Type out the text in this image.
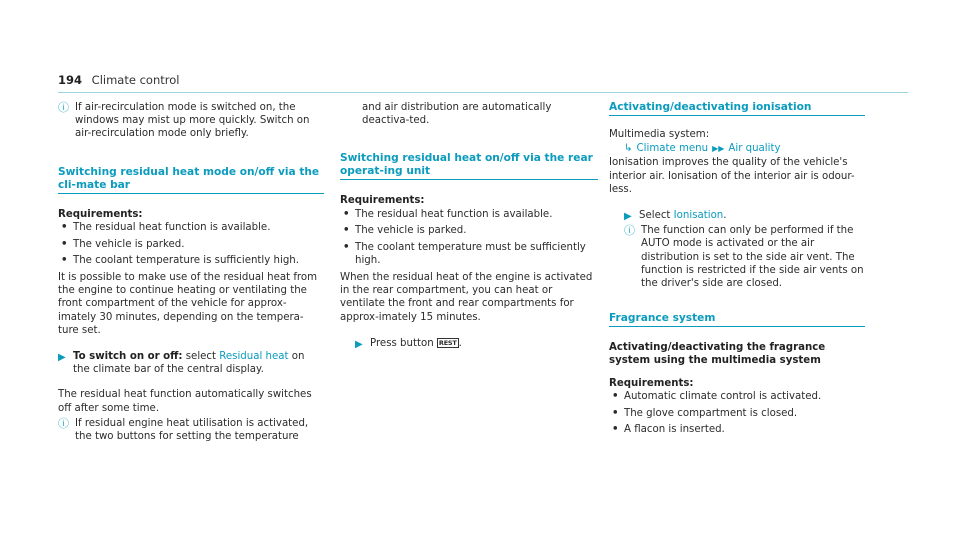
194 Climate control

ⓘ If air-recirculation mode is switched on, the windows may mist up more quickly. Switch on air-recirculation mode only briefly.

Switching residual heat mode on/off via the cli-mate bar
Requirements:
• The residual heat function is available.
• The vehicle is parked.
• The coolant temperature is sufficiently high.

It is possible to make use of the residual heat from the engine to continue heating or ventilating the front compartment of the vehicle for approx-imately 30 minutes, depending on the tempera-ture set.

▶ To switch on or off: select Residual heat on the climate bar of the central display.

The residual heat function automatically switches off after some time.

ⓘ If residual engine heat utilisation is activated, the two buttons for setting the temperature

and air distribution are automatically deactiva-ted.

Switching residual heat on/off via the rear operat-ing unit
Requirements:
• The residual heat function is available.
• The vehicle is parked.
• The coolant temperature must be sufficiently high.

When the residual heat of the engine is activated in the rear compartment, you can heat or ventilate the front and rear compartments for approx-imately 15 minutes.

▶ Press button REST .

Activating/deactivating ionisation

Multimedia system:

↳ Climate menu ▶▶ Air quality

Ionisation improves the quality of the vehicle's interior air. Ionisation of the interior air is odour-less.

▶ Select Ionisation.

ⓘ The function can only be performed if the AUTO mode is activated or the air distribution is set to the side air vent. The function is restricted if the side air vents on the driver's side are closed.

Fragrance system
Activating/deactivating the fragrance system using the multimedia system
Requirements:
• Automatic climate control is activated.
• The glove compartment is closed.
• A flacon is inserted.
